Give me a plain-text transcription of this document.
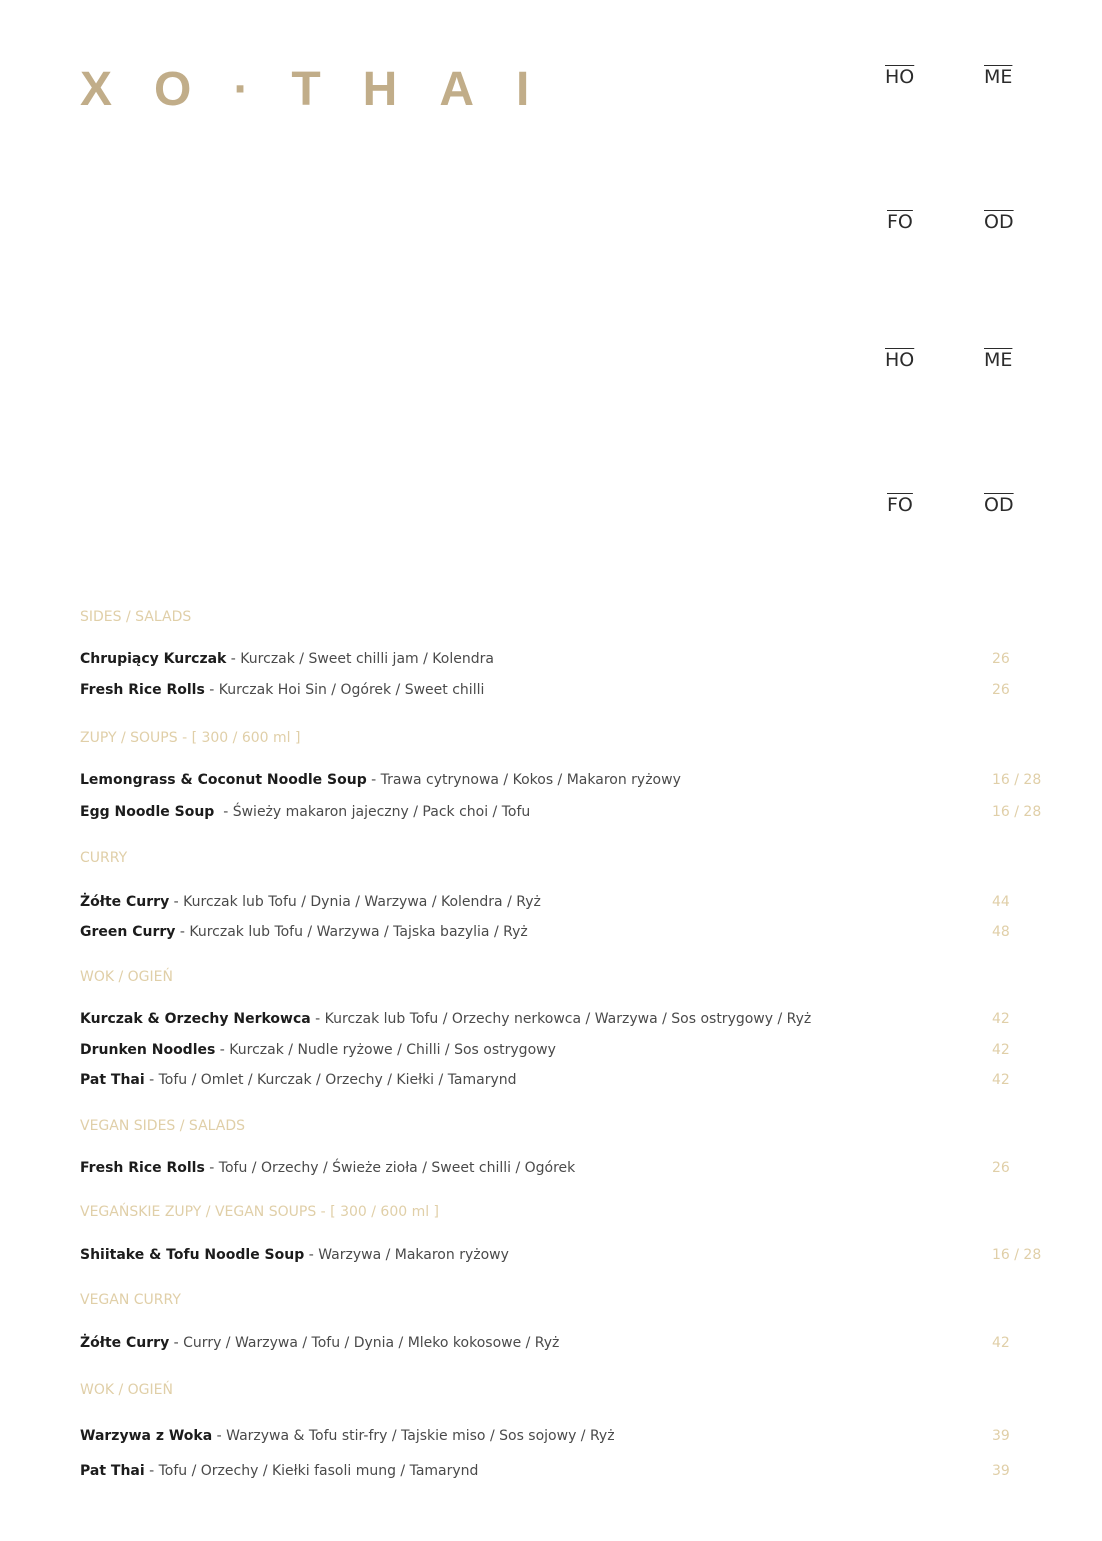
XO·THAI	$\overline{HO}$	$\overline{ME}$
$\overline{FO}$	$\overline{OD}$
$\overline{HO}$	$\overline{ME}$
$\overline{FO}$	$\overline{OD}$
SIDES / SALADS
Chrupiący Kurczak - Kurczak / Sweet chilli jam / Kolendra	26
Fresh Rice Rolls - Kurczak Hoi Sin / Ogórek / Sweet chilli	26
ZUPY / SOUPS - [ 300 / 600 ml ]
Lemongrass & Coconut Noodle Soup - Trawa cytrynowa / Kokos / Makaron ryżowy	16 / 28
Egg Noodle Soup  - Świeży makaron jajeczny / Pack choi / Tofu	16 / 28
CURRY
Żółte Curry - Kurczak lub Tofu / Dynia / Warzywa / Kolendra / Ryż	44
Green Curry - Kurczak lub Tofu / Warzywa / Tajska bazylia / Ryż	48
WOK / OGIEŃ
Kurczak & Orzechy Nerkowca - Kurczak lub Tofu / Orzechy nerkowca / Warzywa / Sos ostrygowy / Ryż	42
Drunken Noodles - Kurczak / Nudle ryżowe / Chilli / Sos ostrygowy	42
Pat Thai - Tofu / Omlet / Kurczak / Orzechy / Kiełki / Tamarynd	42
VEGAN SIDES / SALADS
Fresh Rice Rolls - Tofu / Orzechy / Świeże zioła / Sweet chilli / Ogórek	26
VEGAŃSKIE ZUPY / VEGAN SOUPS - [ 300 / 600 ml ]
Shiitake & Tofu Noodle Soup - Warzywa / Makaron ryżowy	16 / 28
VEGAN CURRY
Żółte Curry - Curry / Warzywa / Tofu / Dynia / Mleko kokosowe / Ryż	42
WOK / OGIEŃ
Warzywa z Woka - Warzywa & Tofu stir-fry / Tajskie miso / Sos sojowy / Ryż	39
Pat Thai - Tofu / Orzechy / Kiełki fasoli mung / Tamarynd	39
